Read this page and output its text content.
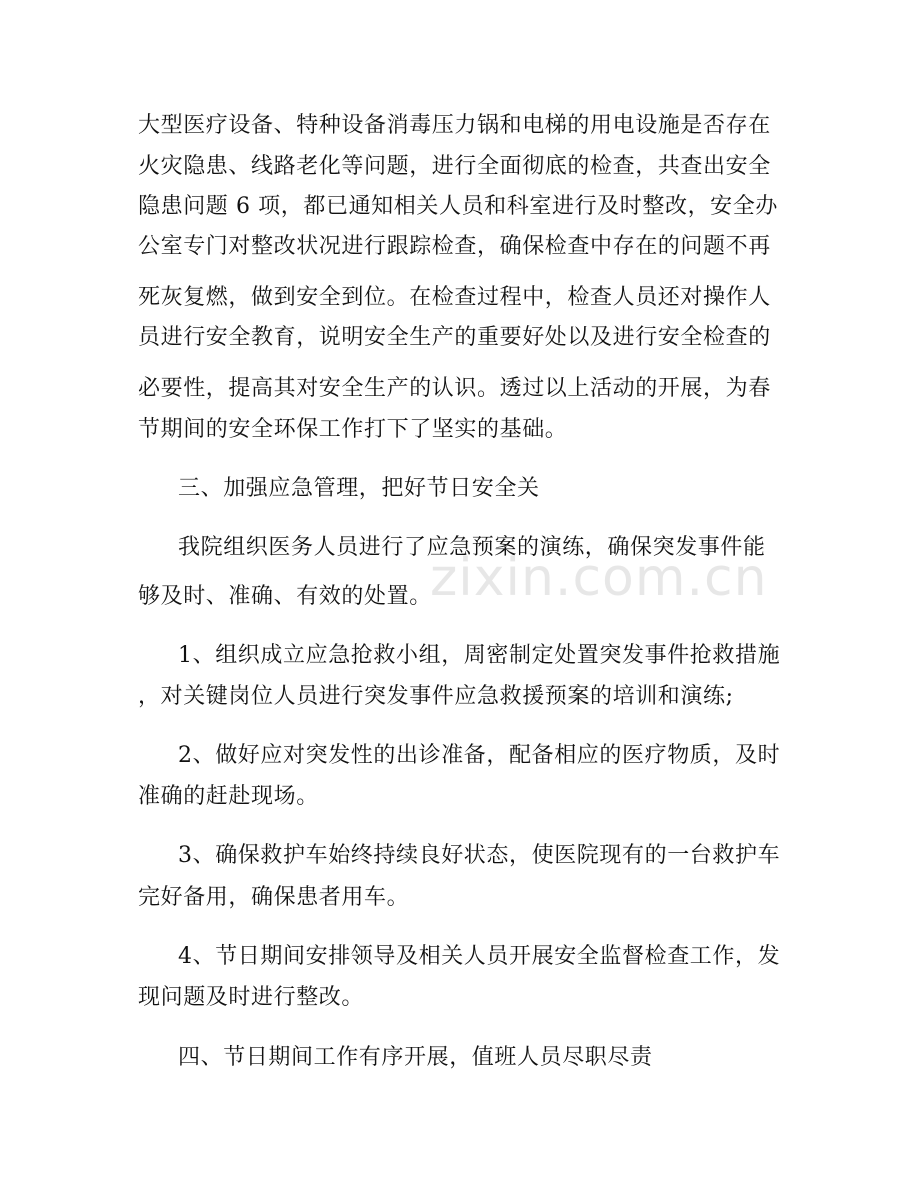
大型医疗设备、特种设备消毒压力锅和电梯的用电设施是否存在
火灾隐患、线路老化等问题，进行全面彻底的检查，共查出安全
隐患问题 6 项，都已通知相关人员和科室进行及时整改，安全办
公室专门对整改状况进行跟踪检查，确保检查中存在的问题不再
死灰复燃，做到安全到位。在检查过程中，检查人员还对操作人
员进行安全教育，说明安全生产的重要好处以及进行安全检查的
必要性，提高其对安全生产的认识。透过以上活动的开展，为春
节期间的安全环保工作打下了坚实的基础。
三、加强应急管理，把好节日安全关
我院组织医务人员进行了应急预案的演练，确保突发事件能
够及时、准确、有效的处置。
1、组织成立应急抢救小组，周密制定处置突发事件抢救措施
，对关键岗位人员进行突发事件应急救援预案的培训和演练;
2、做好应对突发性的出诊准备，配备相应的医疗物质，及时
准确的赶赴现场。
3、确保救护车始终持续良好状态，使医院现有的一台救护车
完好备用，确保患者用车。
4、节日期间安排领导及相关人员开展安全监督检查工作，发
现问题及时进行整改。
四、节日期间工作有序开展，值班人员尽职尽责
zixin.com.cn
